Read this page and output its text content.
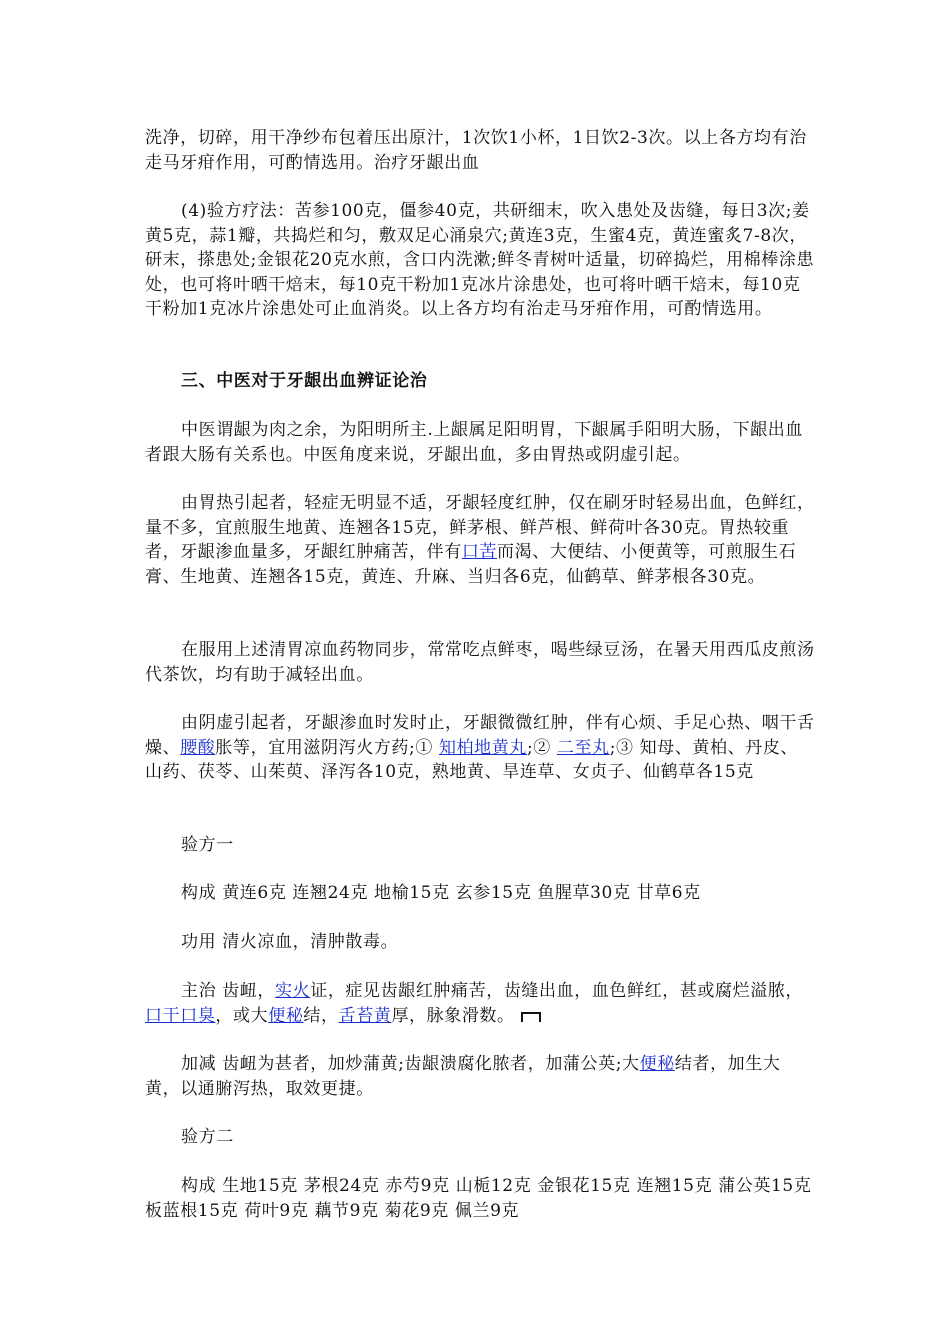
洗净，切碎，用干净纱布包着压出原汁，1次饮1小杯，1日饮2-3次。以上各方均有治走马牙疳作用，可酌情选用。治疗牙龈出血

(4)验方疗法：苦参100克，僵参40克，共研细末，吹入患处及齿缝，每日3次;姜黄5克，蒜1瓣，共捣烂和匀，敷双足心涌泉穴;黄连3克，生蜜4克，黄连蜜炙7-8次，研末，搽患处;金银花20克水煎，含口内洗漱;鲜冬青树叶适量，切碎捣烂，用棉棒涂患处，也可将叶晒干焙末，每10克干粉加1克冰片涂患处，也可将叶晒干焙末，每10克干粉加1克冰片涂患处可止血消炎。以上各方均有治走马牙疳作用，可酌情选用。

三、中医对于牙龈出血辨证论治

中医谓龈为肉之余，为阳明所主.上龈属足阳明胃，下龈属手阳明大肠，下龈出血者跟大肠有关系也。中医角度来说，牙龈出血，多由胃热或阴虚引起。

由胃热引起者，轻症无明显不适，牙龈轻度红肿，仅在刷牙时轻易出血，色鲜红，量不多，宜煎服生地黄、连翘各15克，鲜茅根、鲜芦根、鲜荷叶各30克。胃热较重者，牙龈渗血量多，牙龈红肿痛苦，伴有口苦而渴、大便结、小便黄等，可煎服生石膏、生地黄、连翘各15克，黄连、升麻、当归各6克，仙鹤草、鲜茅根各30克。

在服用上述清胃凉血药物同步，常常吃点鲜枣，喝些绿豆汤，在暑天用西瓜皮煎汤代茶饮，均有助于减轻出血。

由阴虚引起者，牙龈渗血时发时止，牙龈微微红肿，伴有心烦、手足心热、咽干舌燥、腰酸胀等，宜用滋阴泻火方药;① 知柏地黄丸;② 二至丸;③ 知母、黄柏、丹皮、山药、茯苓、山茱萸、泽泻各10克，熟地黄、旱连草、女贞子、仙鹤草各15克

验方一

构成 黄连6克 连翘24克 地榆15克 玄参15克 鱼腥草30克 甘草6克

功用 清火凉血，清肿散毒。

主治 齿衄，实火证，症见齿龈红肿痛苦，齿缝出血，血色鲜红，甚或腐烂溢脓，口干口臭，或大便秘结，舌苔黄厚，脉象滑数。

加减 齿衄为甚者，加炒蒲黄;齿龈溃腐化脓者，加蒲公英;大便秘结者，加生大黄，以通腑泻热，取效更捷。

验方二

构成 生地15克 茅根24克 赤芍9克 山栀12克 金银花15克 连翘15克 蒲公英15克 板蓝根15克 荷叶9克 藕节9克 菊花9克 佩兰9克
